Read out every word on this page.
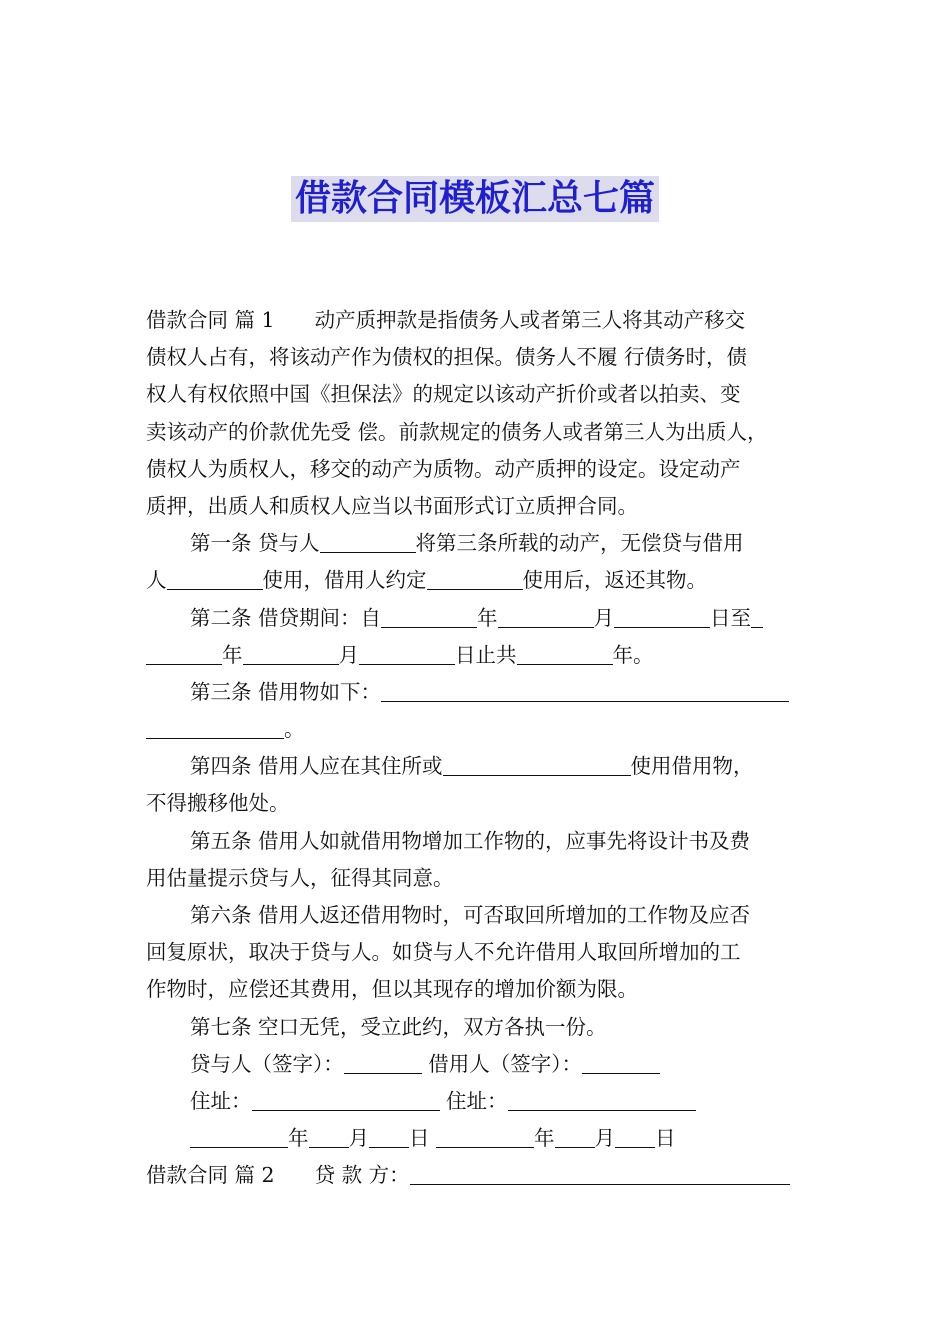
借款合同模板汇总七篇
借款合同 篇 1 动产质押款是指债务人或者第三人将其动产移交
债权人占有，将该动产作为债权的担保。债务人不履 行债务时，债
权人有权依照中国《担保法》的规定以该动产折价或者以拍卖、变
卖该动产的价款优先受 偿。前款规定的债务人或者第三人为出质人，
债权人为质权人，移交的动产为质物。动产质押的设定。设定动产
质押，出质人和质权人应当以书面形式订立质押合同。
第一条 贷与人	将第三条所载的动产，无偿贷与借用
人	使用，借用人约定	使用后，返还其物。
第二条 借贷期间：自	年	月	日至
年	月	日止共	年。
第三条 借用物如下：
。
第四条 借用人应在其住所或	使用借用物，
不得搬移他处。
第五条 借用人如就借用物增加工作物的，应事先将设计书及费
用估量提示贷与人，征得其同意。
第六条 借用人返还借用物时，可否取回所增加的工作物及应否
回复原状，取决于贷与人。如贷与人不允许借用人取回所增加的工
作物时，应偿还其费用，但以其现存的增加价额为限。
第七条 空口无凭，受立此约，双方各执一份。
贷与人（签字）：	借用人（签字）：
住址：	住址：
年 月 日	年 月 日
借款合同 篇 2 贷 款 方：
